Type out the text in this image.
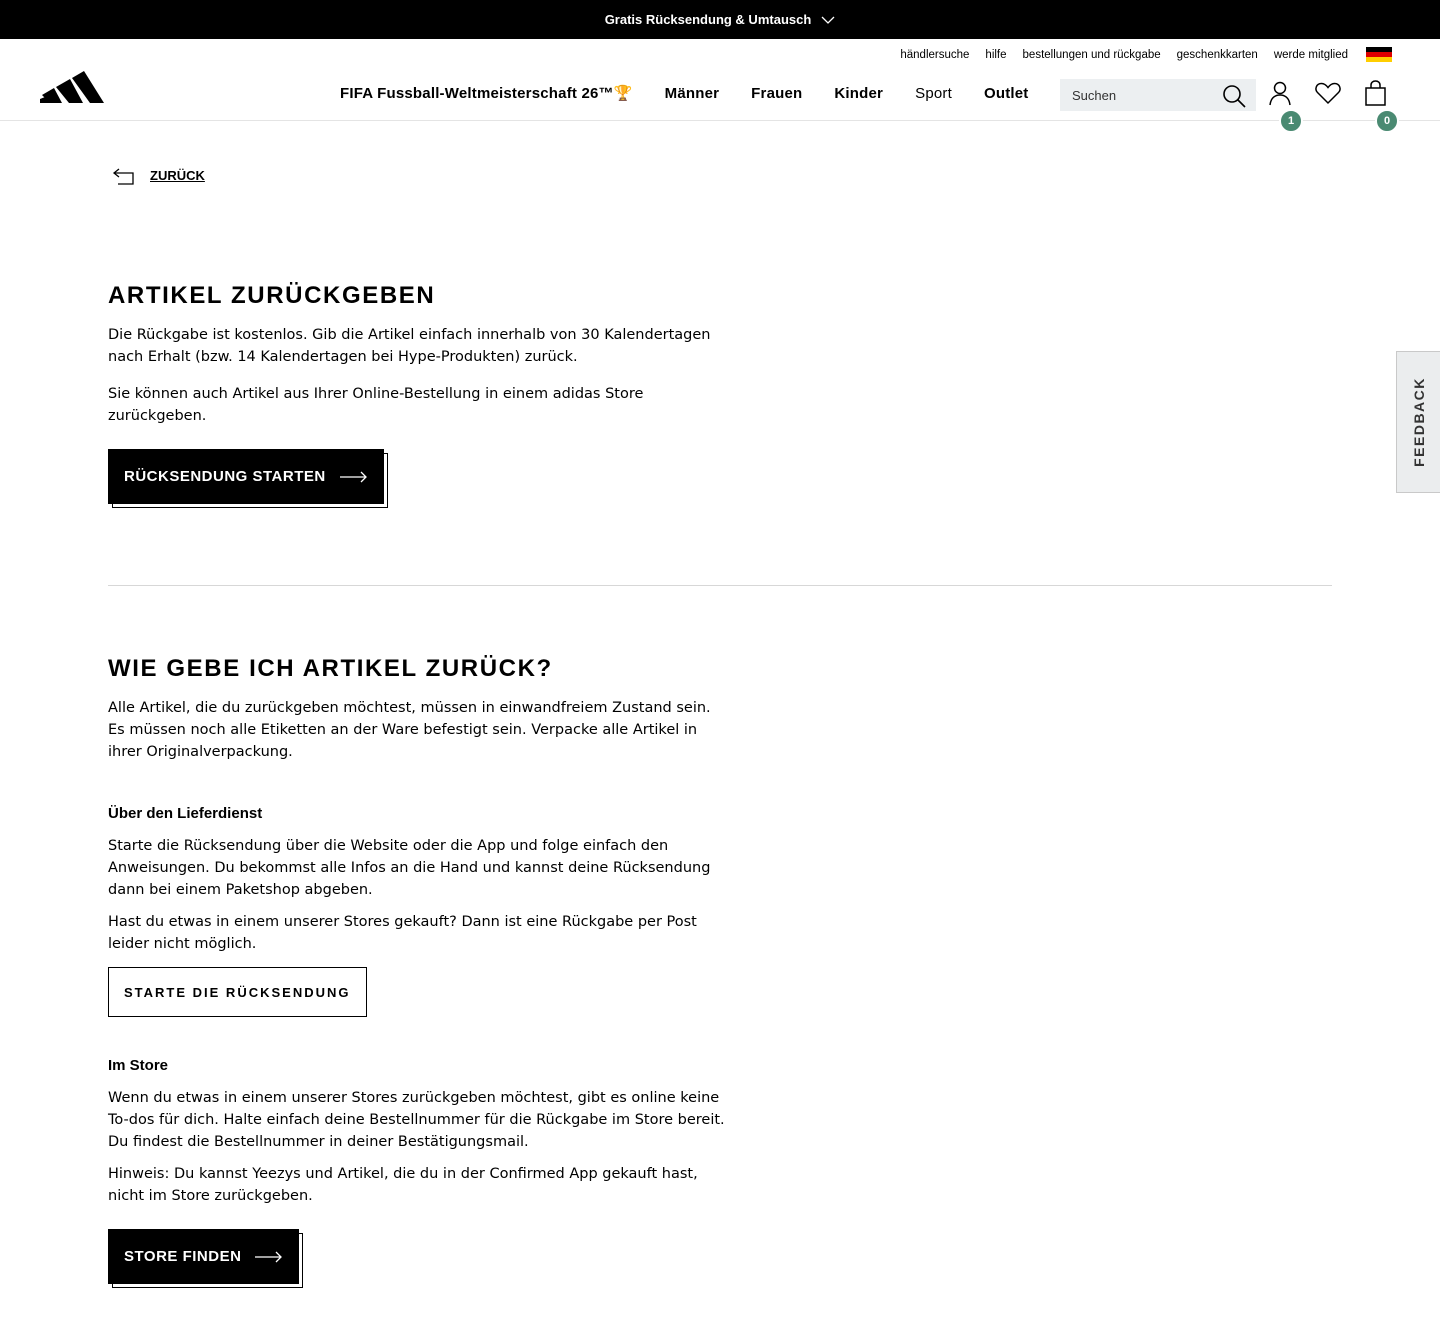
Gratis Rücksendung & Umtausch
händlersuche hilfe bestellungen und rückgabe geschenkkarten werde mitglied
FIFA Fussball-Weltmeisterschaft 26™🏆 Männer Frauen Kinder Sport Outlet
Suchen
1	0
ZURÜCK
ARTIKEL ZURÜCKGEBEN

Die Rückgabe ist kostenlos. Gib die Artikel einfach innerhalb von 30 Kalendertagen nach Erhalt (bzw. 14 Kalendertagen bei Hype-Produkten) zurück.

Sie können auch Artikel aus Ihrer Online-Bestellung in einem adidas Store zurückgeben.

RÜCKSENDUNG STARTEN
WIE GEBE ICH ARTIKEL ZURÜCK?

Alle Artikel, die du zurückgeben möchtest, müssen in einwandfreiem Zustand sein. Es müssen noch alle Etiketten an der Ware befestigt sein. Verpacke alle Artikel in ihrer Originalverpackung.

Über den Lieferdienst

Starte die Rücksendung über die Website oder die App und folge einfach den Anweisungen. Du bekommst alle Infos an die Hand und kannst deine Rücksendung dann bei einem Paketshop abgeben.

Hast du etwas in einem unserer Stores gekauft? Dann ist eine Rückgabe per Post leider nicht möglich.

STARTE DIE RÜCKSENDUNG
Im Store

Wenn du etwas in einem unserer Stores zurückgeben möchtest, gibt es online keine To-dos für dich. Halte einfach deine Bestellnummer für die Rückgabe im Store bereit. Du findest die Bestellnummer in deiner Bestätigungsmail.

Hinweis: Du kannst Yeezys und Artikel, die du in der Confirmed App gekauft hast, nicht im Store zurückgeben.

STORE FINDEN
FEEDBACK
